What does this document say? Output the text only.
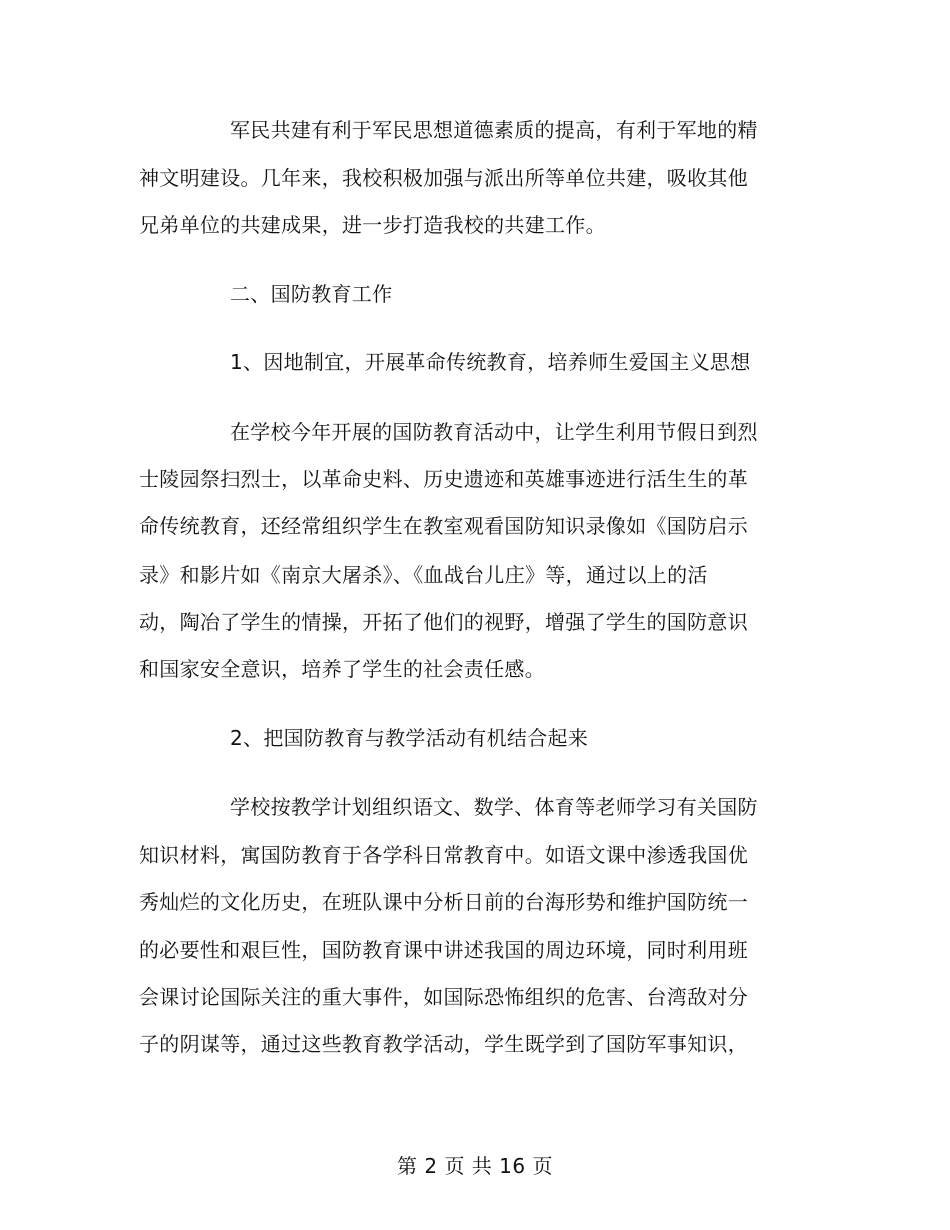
军民共建有利于军民思想道德素质的提高，有利于军地的精
神文明建设。几年来，我校积极加强与派出所等单位共建，吸收其他
兄弟单位的共建成果，进一步打造我校的共建工作。
二、国防教育工作
1、因地制宜，开展革命传统教育，培养师生爱国主义思想
在学校今年开展的国防教育活动中，让学生利用节假日到烈
士陵园祭扫烈士，以革命史料、历史遗迹和英雄事迹进行活生生的革
命传统教育，还经常组织学生在教室观看国防知识录像如《国防启示
录》和影片如《南京大屠杀》、《血战台儿庄》等，通过以上的活
动，陶冶了学生的情操，开拓了他们的视野，增强了学生的国防意识
和国家安全意识，培养了学生的社会责任感。
2、把国防教育与教学活动有机结合起来
学校按教学计划组织语文、数学、体育等老师学习有关国防
知识材料，寓国防教育于各学科日常教育中。如语文课中渗透我国优
秀灿烂的文化历史，在班队课中分析日前的台海形势和维护国防统一
的必要性和艰巨性，国防教育课中讲述我国的周边环境，同时利用班
会课讨论国际关注的重大事件，如国际恐怖组织的危害、台湾敌对分
子的阴谋等，通过这些教育教学活动，学生既学到了国防军事知识，
第 2 页 共 16 页
